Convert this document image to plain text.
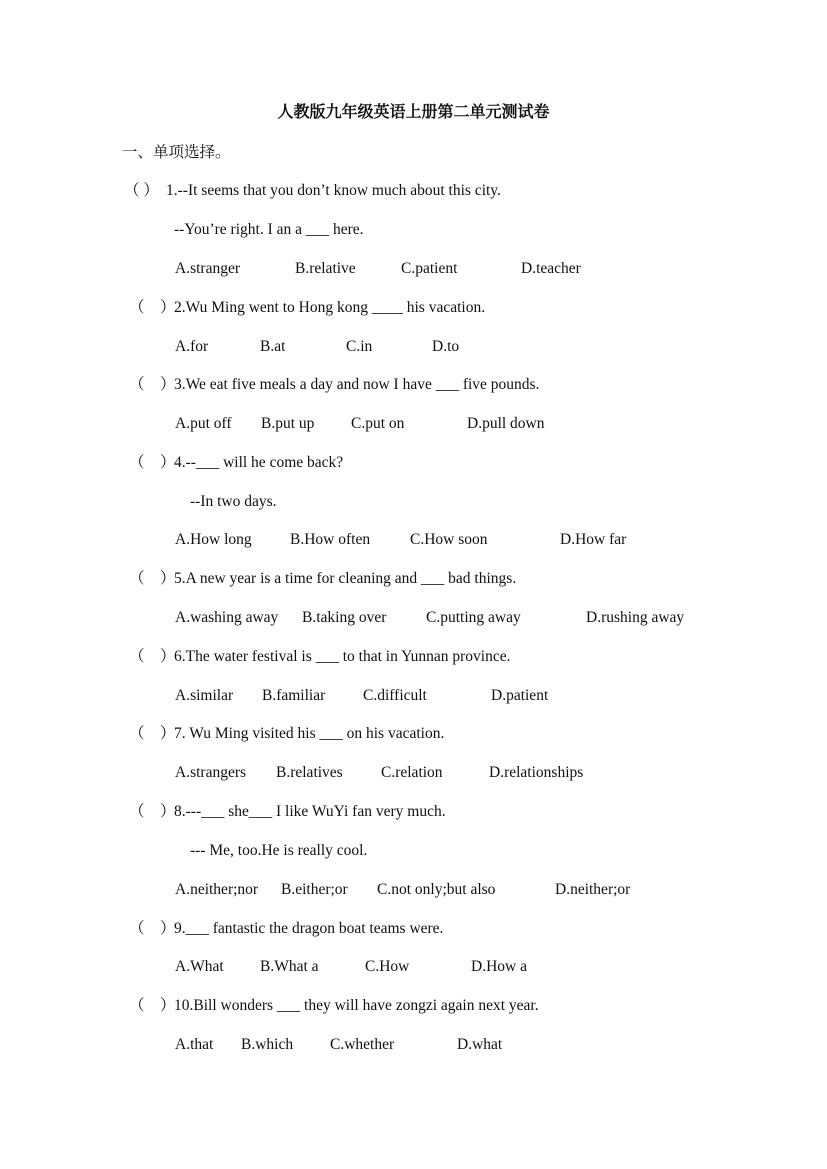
人教版九年级英语上册第二单元测试卷
一、单项选择。
（ ） 1.--It seems that you don’t know much about this city.
--You’re right. I an a ___ here.
A.stranger	B.relative	C.patient	D.teacher
（　）
2.Wu Ming went to Hong kong ____ his vacation.
A.for	B.at	C.in	D.to
（　）
3.We eat five meals a day and now I have ___ five pounds.
A.put off B.put up C.put on	D.pull down
（　）
4.--___ will he come back?
--In two days.
A.How long B.How often	C.How soon	D.How far
（　）
5.A new year is a time for cleaning and ___ bad things.
A.washing away B.taking over	C.putting away	D.rushing away
（　）
6.The water festival is ___ to that in Yunnan province.
A.similar B.familiar C.difficult	D.patient
（　）
7. Wu Ming visited his ___ on his vacation.
A.strangers B.relatives C.relation	D.relationships
（　）
8.---___ she___ I like WuYi fan very much.
--- Me, too.He is really cool.
A.neither;nor B.either;or C.not only;but also	D.neither;or
（　）
9.___ fantastic the dragon boat teams were.
A.What B.What a	C.How	D.How a
（　）
10.Bill wonders ___ they will have zongzi again next year.
A.that B.which C.whether	D.what
